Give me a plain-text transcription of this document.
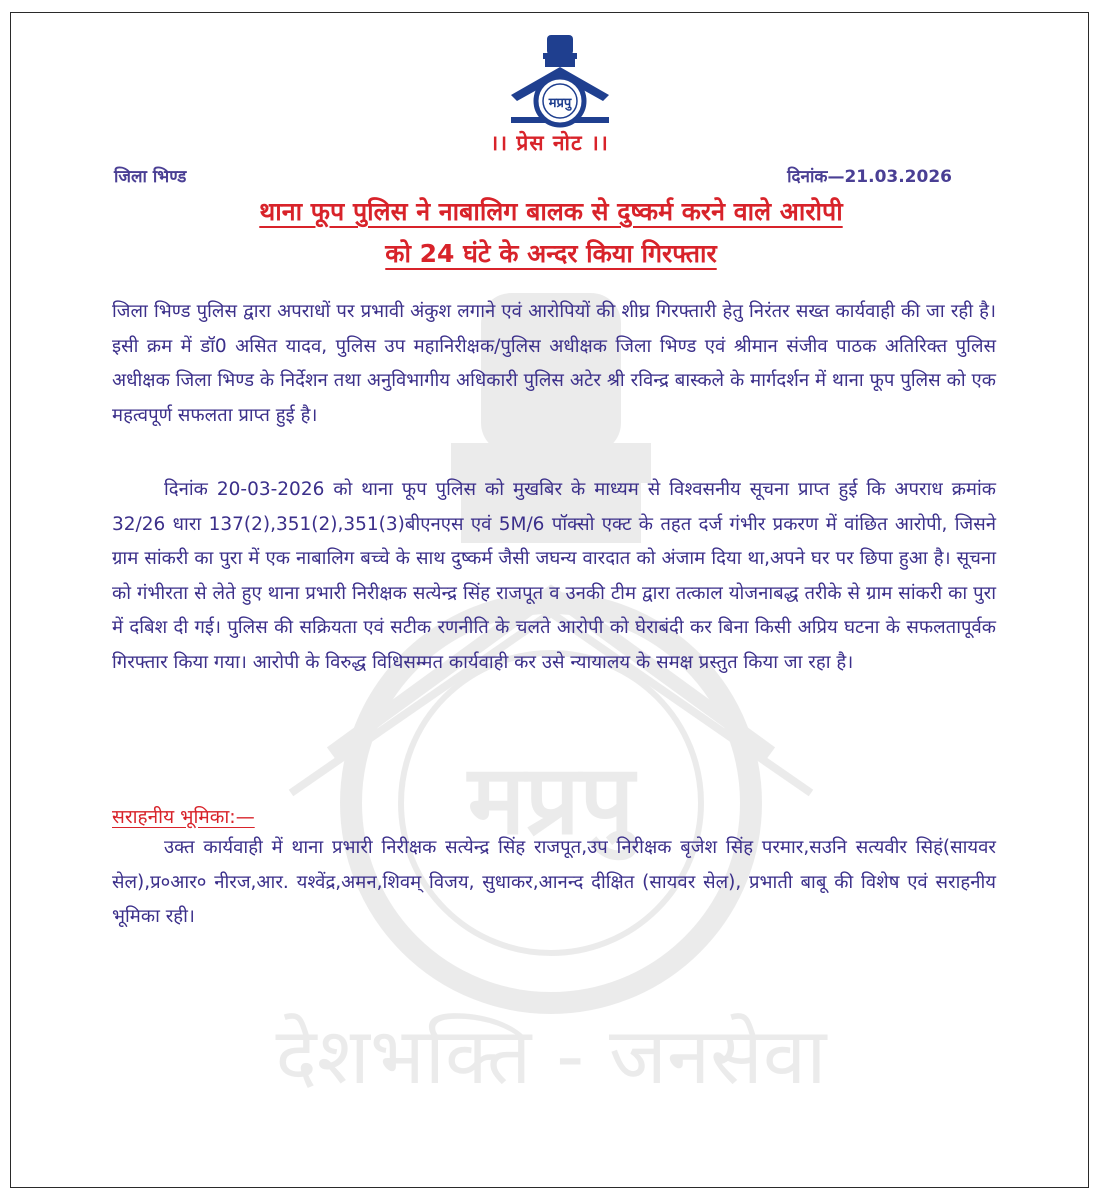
मप्रपु
देशभक्ति - जनसेवा
मप्रपु
।। प्रेस नोट ।।
जिला भिण्ड	दिनांक—21.03.2026
थाना फूप पुलिस ने नाबालिग बालक से दुष्कर्म करने वाले आरोपी
को 24 घंटे के अन्दर किया गिरफ्तार

जिला भिण्ड पुलिस द्वारा अपराधों पर प्रभावी अंकुश लगाने एवं आरोपियों की शीघ्र गिरफ्तारी हेतु निरंतर सख्त कार्यवाही की जा रही है। इसी क्रम में डॉ0 असित यादव, पुलिस उप महानिरीक्षक/पुलिस अधीक्षक जिला भिण्ड एवं श्रीमान संजीव पाठक अतिरिक्त पुलिस अधीक्षक जिला भिण्ड के निर्देशन तथा अनुविभागीय अधिकारी पुलिस अटेर श्री रविन्द्र बास्कले के मार्गदर्शन में थाना फूप पुलिस को एक महत्वपूर्ण सफलता प्राप्त हुई है।

दिनांक 20-03-2026 को थाना फूप पुलिस को मुखबिर के माध्यम से विश्वसनीय सूचना प्राप्त हुई कि अपराध क्रमांक 32/26 धारा 137(2),351(2),351(3)बीएनएस एवं 5M/6 पॉक्सो एक्ट के तहत दर्ज गंभीर प्रकरण में वांछित आरोपी, जिसने ग्राम सांकरी का पुरा में एक नाबालिग बच्चे के साथ दुष्कर्म जैसी जघन्य वारदात को अंजाम दिया था,अपने घर पर छिपा हुआ है। सूचना को गंभीरता से लेते हुए थाना प्रभारी निरीक्षक सत्येन्द्र सिंह राजपूत व उनकी टीम द्वारा तत्काल योजनाबद्ध तरीके से ग्राम सांकरी का पुरा में दबिश दी गई। पुलिस की सक्रियता एवं सटीक रणनीति के चलते आरोपी को घेराबंदी कर बिना किसी अप्रिय घटना के सफलतापूर्वक गिरफ्तार किया गया। आरोपी के विरुद्ध विधिसम्मत कार्यवाही कर उसे न्यायालय के समक्ष प्रस्तुत किया जा रहा है।

सराहनीय भूमिका:—

उक्त कार्यवाही में थाना प्रभारी निरीक्षक सत्येन्द्र सिंह राजपूत,उप निरीक्षक बृजेश सिंह परमार,सउनि सत्यवीर सिहं(सायवर सेल),प्र०आर० नीरज,आर. यश्वेंद्र,अमन,शिवम् विजय, सुधाकर,आनन्द दीक्षित (सायवर सेल), प्रभाती बाबू की विशेष एवं सराहनीय भूमिका रही।
